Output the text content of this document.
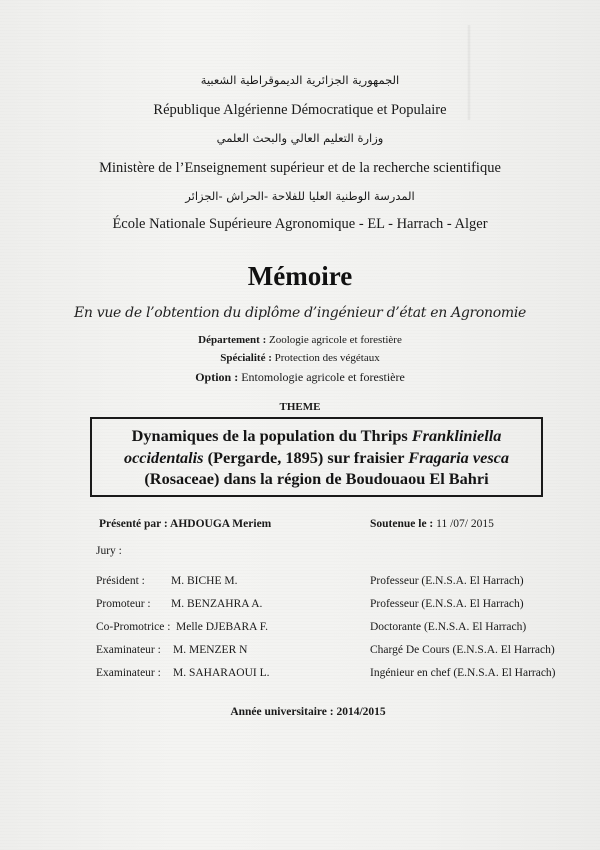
الجمهورية الجزائرية الديموقراطية الشعبية
République Algérienne Démocratique et Populaire
وزارة التعليم العالي والبحث العلمي
Ministère de l’Enseignement supérieur et de la recherche scientifique
المدرسة الوطنية العليا للفلاحة -الحراش -الجزائر
École Nationale Supérieure Agronomique - EL - Harrach - Alger
Mémoire
En vue de l’obtention du diplôme d’ingénieur d’état en Agronomie
Département : Zoologie agricole et forestière
Spécialité : Protection des végétaux
Option : Entomologie agricole et forestière
THEME
Dynamiques de la population du Thrips Frankliniella
occidentalis (Pergarde, 1895) sur fraisier Fragaria vesca
(Rosaceae) dans la région de Boudouaou El Bahri
Présenté par : AHDOUGA Meriem	Soutenue le : 11 /07/ 2015
Jury :
Président : M. BICHE M.	Professeur (E.N.S.A. El Harrach)
Promoteur : M. BENZAHRA A.	Professeur (E.N.S.A. El Harrach)
Co-Promotrice : Melle DJEBARA F.	Doctorante (E.N.S.A. El Harrach)
Examinateur : M. MENZER N	Chargé De Cours (E.N.S.A. El Harrach)
Examinateur : M. SAHARAOUI L.	Ingénieur en chef (E.N.S.A. El Harrach)
Année universitaire : 2014/2015
